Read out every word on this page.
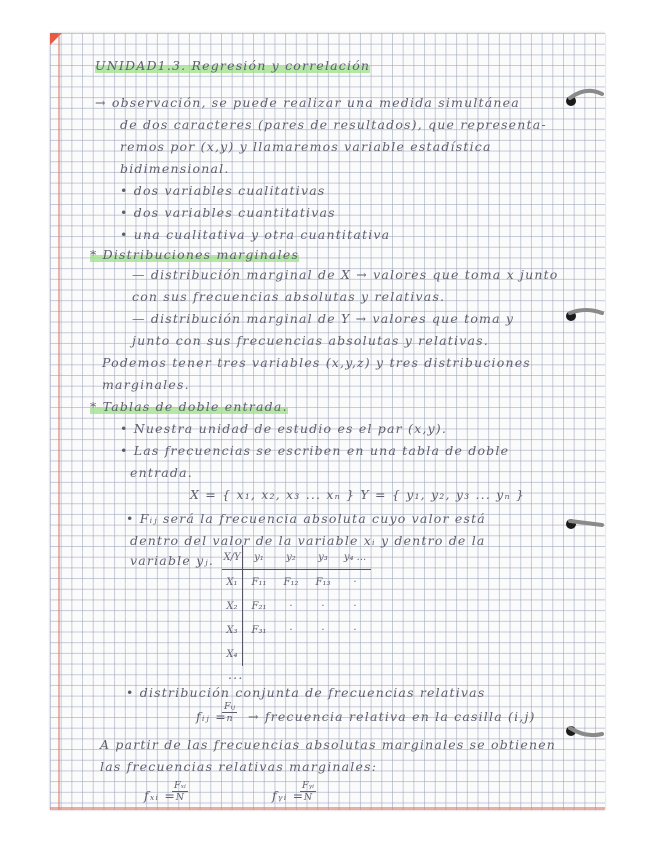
UNIDAD1.3. Regresión y correlación
→ observación, se puede realizar una medida simultánea
de dos caracteres (pares de resultados), que representa-
remos por (x,y) y llamaremos variable estadística
bidimensional.
• dos variables cualitativas
• dos variables cuantitativas
• una cualitativa y otra cuantitativa
* Distribuciones marginales
— distribución marginal de X → valores que toma x junto
con sus frecuencias absolutas y relativas.
— distribución marginal de Y → valores que toma y
junto con sus frecuencias absolutas y relativas.
Podemos tener tres variables (x,y,z) y tres distribuciones
marginales.
* Tablas de doble entrada.
• Nuestra unidad de estudio es el par (x,y).
• Las frecuencias se escriben en una tabla de doble
entrada.
X = { x₁, x₂, x₃ ... xₙ } Y = { y₁, y₂, y₃ ... yₙ }
• Fᵢⱼ será la frecuencia absoluta cuyo valor está
dentro del valor de la variable xᵢ y dentro de la
variable yⱼ. X/Y	y₁	y₂	y₃	y₄ ...
X₁	F₁₁	F₁₂	F₁₃	·
X₂	F₂₁	·	·	·
X₃	F₃₁	·	·	·
X₄				
...
• distribución conjunta de frecuencias relativas
fᵢⱼ =
Fᵢⱼ
n	→ frecuencia relativa en la casilla (i,j)
A partir de las frecuencias absolutas marginales se obtienen
las frecuencias relativas marginales:
fₓᵢ =
Fₓᵢ
N	fᵧᵢ =
Fᵧᵢ
N
